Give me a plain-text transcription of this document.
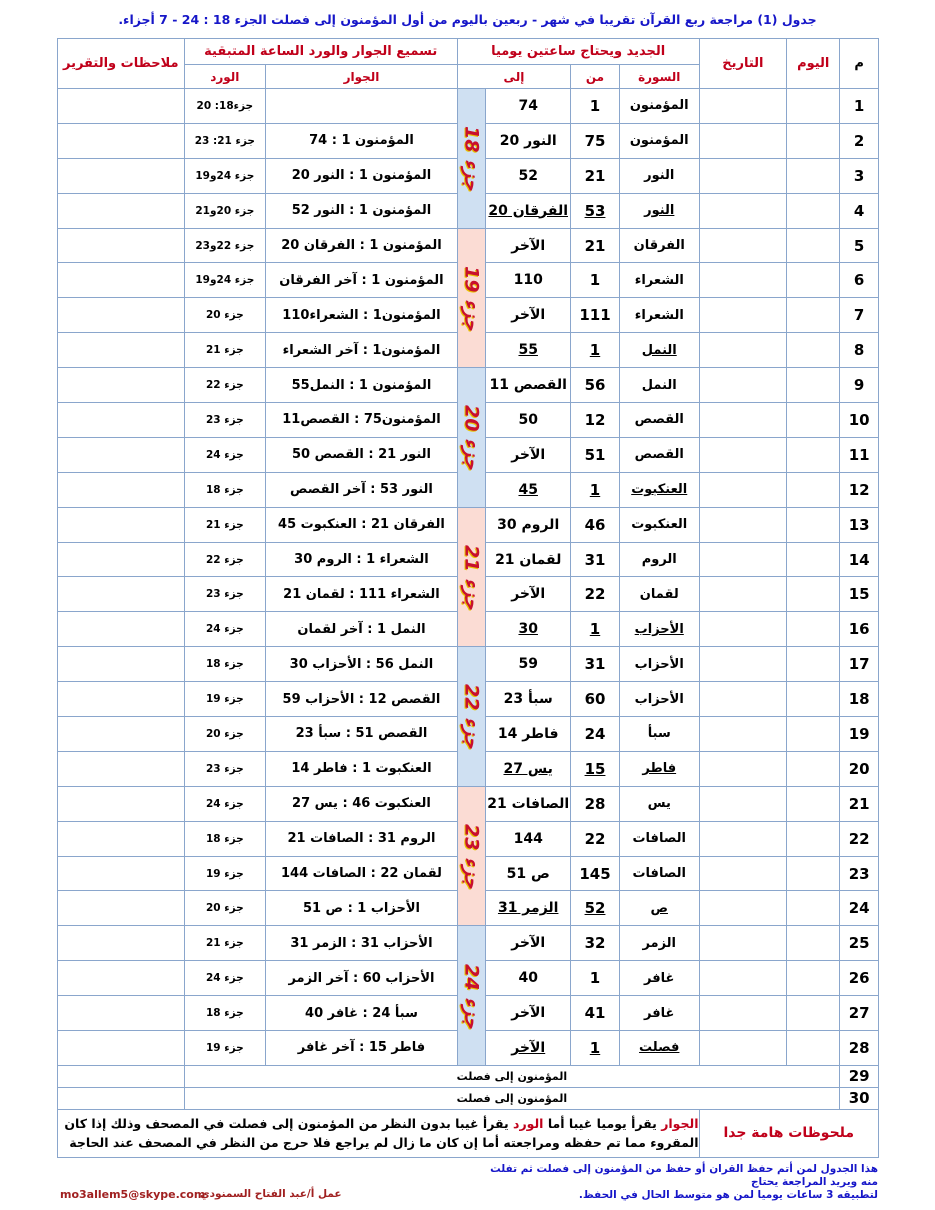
جدول (1) مراجعة ربع القرآن تقريبا في شهر - ربعين باليوم من أول المؤمنون إلى فصلت الجزء 18 : 24 - 7 أجزاء.
م	اليوم	التاريخ	الجديد ويحتاج ساعتين يوميا				تسميع الجوار والورد الساعة المتبقية		ملاحظات والتقرير
			السورة	من	إلى		الجوار	الورد	
1			المؤمنون	1	74	جزء 18		جزء18: 20	
2			المؤمنون	75	النور 20		المؤمنون 1 : 74	جزء 21: 23	
3			النور	21	52		المؤمنون 1 : النور 20	جزء 24و19	
4			النور	53	الفرقان 20		المؤمنون 1 : النور 52	جزء 20و21	
5			الفرقان	21	الآخر	جزء 19	المؤمنون 1 : الفرقان 20	جزء 22و23	
6			الشعراء	1	110		المؤمنون 1 : آخر الفرقان	جزء 24و19	
7			الشعراء	111	الآخر		المؤمنون1 : الشعراء110	جزء 20	
8			النمل	1	55		المؤمنون1 : آخر الشعراء	جزء 21	
9			النمل	56	القصص 11	جزء 20	المؤمنون 1 : النمل55	جزء 22	
10			القصص	12	50		المؤمنون75 : القصص11	جزء 23	
11			القصص	51	الآخر		النور 21 : القصص 50	جزء 24	
12			العنكبوت	1	45		النور 53 : آخر القصص	جزء 18	
13			العنكبوت	46	الروم 30	جزء 21	الفرقان 21 : العنكبوت 45	جزء 21	
14			الروم	31	لقمان 21		الشعراء 1 : الروم 30	جزء 22	
15			لقمان	22	الآخر		الشعراء 111 : لقمان 21	جزء 23	
16			الأحزاب	1	30		النمل 1 : آخر لقمان	جزء 24	
17			الأحزاب	31	59	جزء 22	النمل 56 : الأحزاب 30	جزء 18	
18			الأحزاب	60	سبأ 23		القصص 12 : الأحزاب 59	جزء 19	
19			سبأ	24	فاطر 14		القصص 51 : سبأ 23	جزء 20	
20			فاطر	15	يس 27		العنكبوت 1 : فاطر 14	جزء 23	
21			يس	28	الصافات 21	جزء 23	العنكبوت 46 : يس 27	جزء 24	
22			الصافات	22	144		الروم 31 : الصافات 21	جزء 18	
23			الصافات	145	ص 51		لقمان 22 : الصافات 144	جزء 19	
24			ص	52	الزمر 31		الأحزاب 1 : ص 51	جزء 20	
25			الزمر	32	الآخر	جزء 24	الأحزاب 31 : الزمر 31	جزء 21	
26			غافر	1	40		الأحزاب 60 : آخر الزمر	جزء 24	
27			غافر	41	الآخر		سبأ 24 : غافر 40	جزء 18	
28			فصلت	1	الآخر		فاطر 15 : آخر غافر	جزء 19	
29	المؤمنون إلى فصلت								
30	المؤمنون إلى فصلت								
ملحوظات هامة جدا			الجوار يقرأ يوميا غيبا أما الورد يقرأ غيبا بدون النظر من المؤمنون إلى فصلت في المصحف وذلك إذا كان المقروء مما تم حفظه ومراجعته أما إن كان ما زال لم يراجع فلا حرج من النظر في المصحف عند الحاجة						
هذا الجدول لمن أتم حفظ القران أو حفظ من المؤمنون إلى فصلت ثم تفلت منه ويريد المراجعة يحتاج
لتطبيقه 3 ساعات يوميا لمن هو متوسط الحال في الحفظ.
عمل أ/عبد الفتاح السمنودي
mo3allem5@skype.com
